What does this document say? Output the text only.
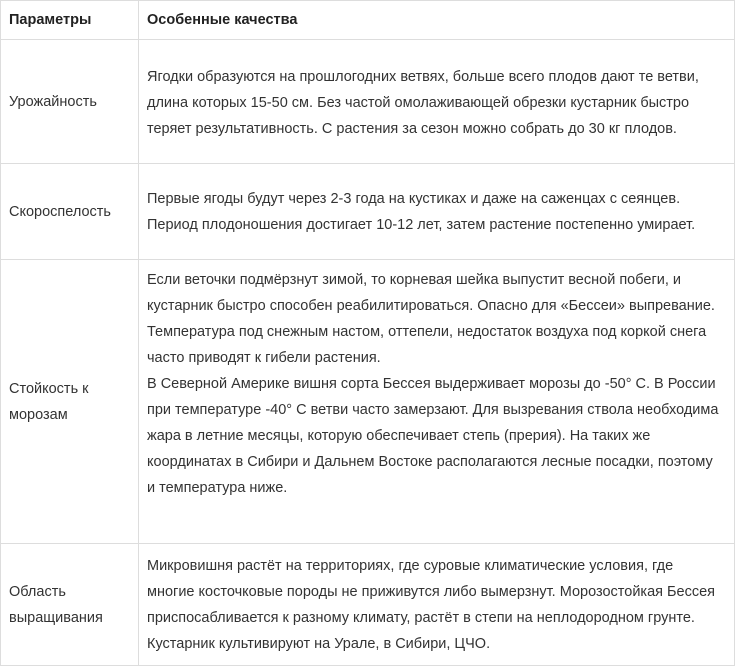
Параметры	Особенные качества
Урожайность	Ягодки образуются на прошлогодних ветвях, больше всего плодов дают те ветви, длина которых 15-50 см. Без частой омолаживающей обрезки кустарник быстро теряет результативность. С растения за сезон можно собрать до 30 кг плодов.

Скороспелость	Первые ягоды будут через 2-3 года на кустиках и даже на саженцах с сеянцев. Период плодоношения достигает 10-12 лет, затем растение постепенно умирает.

Стойкость к морозам	Если веточки подмёрзнут зимой, то корневая шейка выпустит весной побеги, и кустарник быстро способен реабилитироваться. Опасно для «Бессеи» выпревание. Температура под снежным настом, оттепели, недостаток воздуха под коркой снега часто приводят к гибели растения.

В Северной Америке вишня сорта Бессея выдерживает морозы до -50° С. В России при температуре -40° С ветви часто замерзают. Для вызревания ствола необходима жара в летние месяцы, которую обеспечивает степь (прерия). На таких же координатах в Сибири и Дальнем Востоке располагаются лесные посадки, поэтому и температура ниже.

Область выращивания	Микровишня растёт на территориях, где суровые климатические условия, где многие косточковые породы не приживутся либо вымерзнут. Морозостойкая Бессея приспосабливается к разному климату, растёт в степи на неплодородном грунте. Кустарник культивируют на Урале, в Сибири, ЦЧО.
